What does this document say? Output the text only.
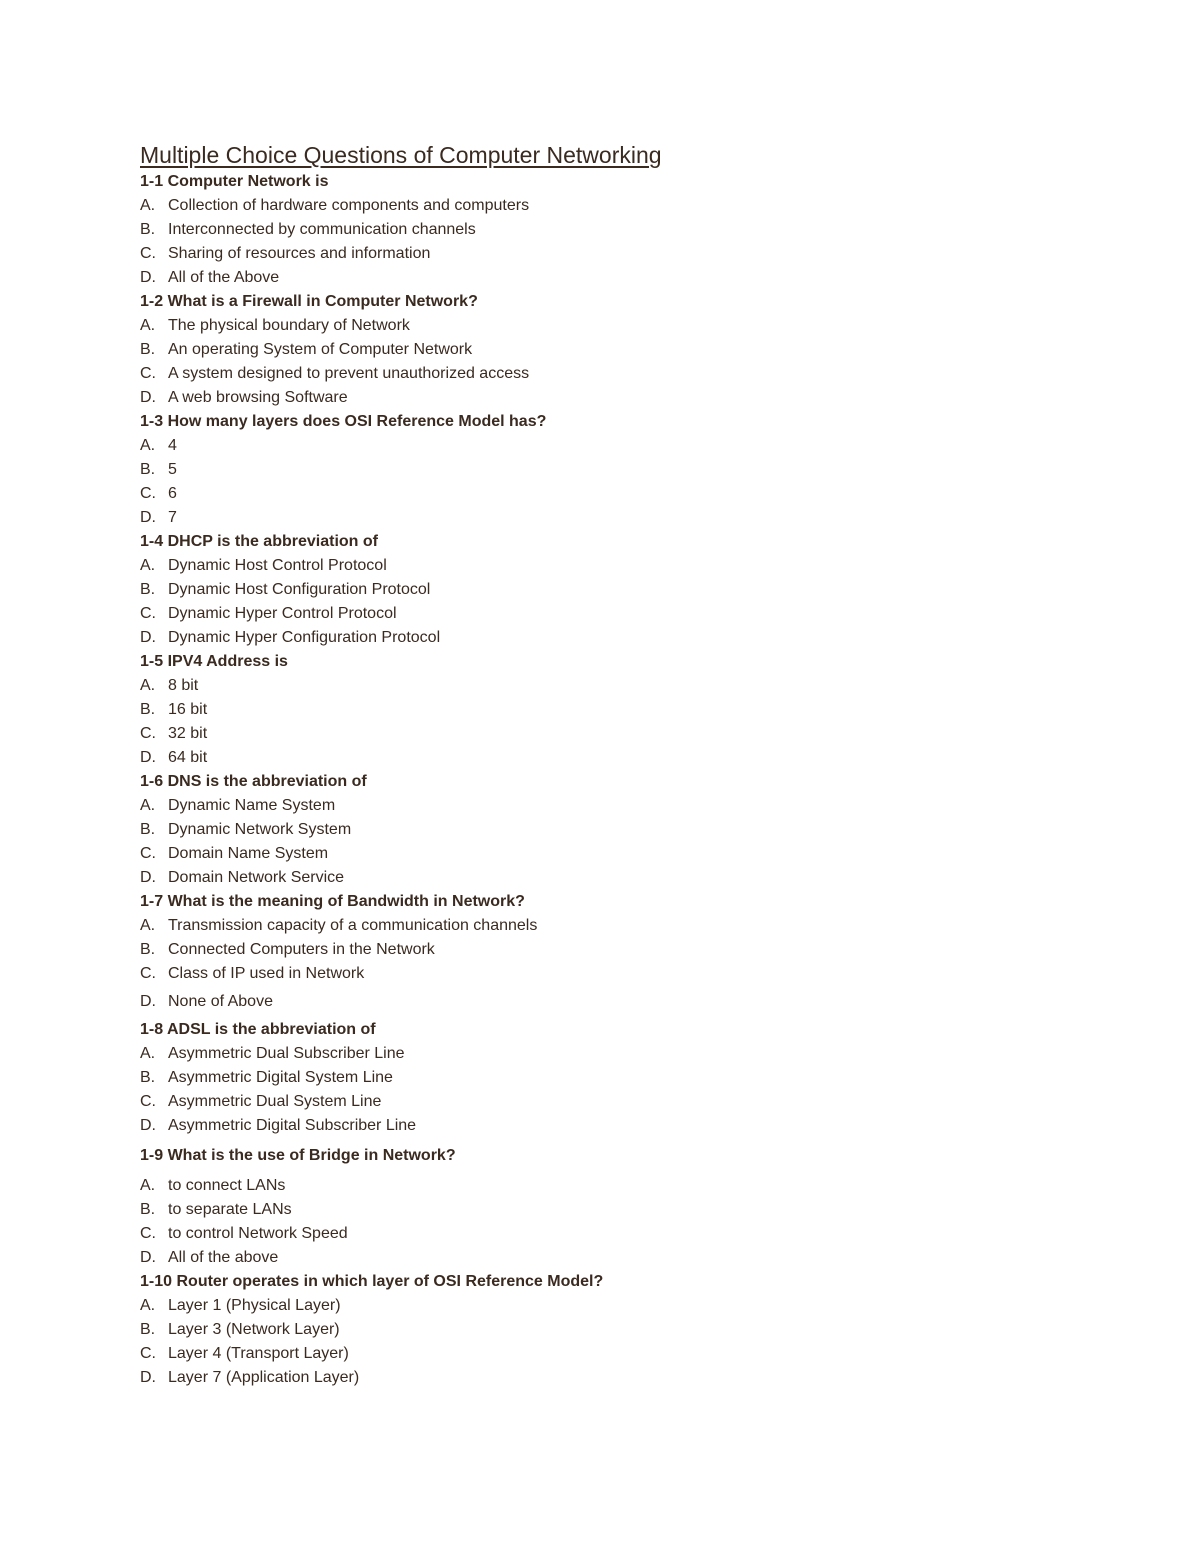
Multiple Choice Questions of Computer Networking
1-1 Computer Network is
A. Collection of hardware components and computers
B. Interconnected by communication channels
C. Sharing of resources and information
D. All of the Above
1-2 What is a Firewall in Computer Network?
A. The physical boundary of Network
B. An operating System of Computer Network
C. A system designed to prevent unauthorized access
D. A web browsing Software
1-3 How many layers does OSI Reference Model has?
A. 4
B. 5
C. 6
D. 7
1-4 DHCP is the abbreviation of
A. Dynamic Host Control Protocol
B. Dynamic Host Configuration Protocol
C. Dynamic Hyper Control Protocol
D. Dynamic Hyper Configuration Protocol
1-5 IPV4 Address is
A. 8 bit
B. 16 bit
C. 32 bit
D. 64 bit
1-6 DNS is the abbreviation of
A. Dynamic Name System
B. Dynamic Network System
C. Domain Name System
D. Domain Network Service
1-7 What is the meaning of Bandwidth in Network?
A. Transmission capacity of a communication channels
B. Connected Computers in the Network
C. Class of IP used in Network
D. None of Above
1-8 ADSL is the abbreviation of
A. Asymmetric Dual Subscriber Line
B. Asymmetric Digital System Line
C. Asymmetric Dual System Line
D. Asymmetric Digital Subscriber Line
1-9 What is the use of Bridge in Network?
A. to connect LANs
B. to separate LANs
C. to control Network Speed
D. All of the above
1-10 Router operates in which layer of OSI Reference Model?
A. Layer 1 (Physical Layer)
B. Layer 3 (Network Layer)
C. Layer 4 (Transport Layer)
D. Layer 7 (Application Layer)
